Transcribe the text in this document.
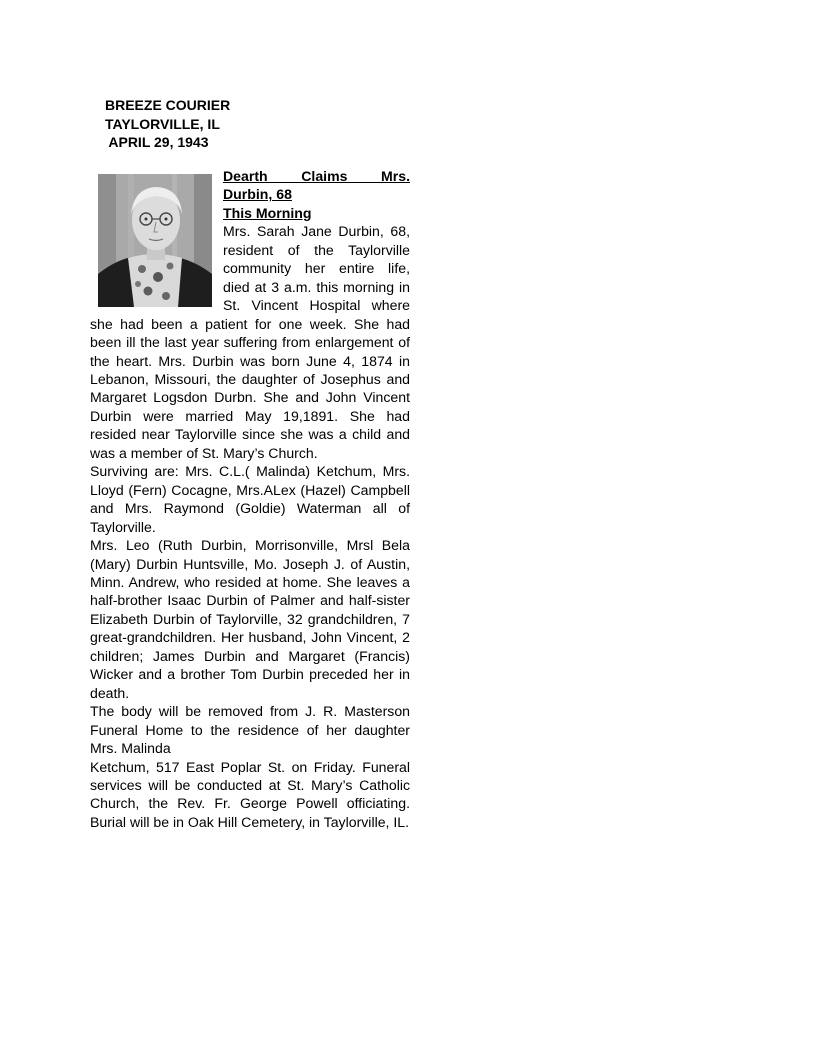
BREEZE COURIER
TAYLORVILLE, IL
APRIL 29, 1943
Dearth Claims Mrs.
Durbin, 68
This Morning

Mrs. Sarah Jane Durbin, 68, resident of the Taylorville community her entire life, died at 3 a.m. this morning in St. Vincent Hospital where she had been a patient for one week. She had been ill the last year suffering from enlargement of the heart. Mrs. Durbin was born June 4, 1874 in Lebanon, Missouri, the daughter of Josephus and Margaret Logsdon Durbn. She and John Vincent Durbin were married May 19,1891. She had resided near Taylorville since she was a child and was a member of St. Mary’s Church.

Surviving are: Mrs. C.L.( Malinda) Ketchum, Mrs. Lloyd (Fern) Cocagne, Mrs.ALex (Hazel) Campbell and Mrs. Raymond (Goldie) Waterman all of Taylorville.

Mrs. Leo (Ruth Durbin, Morrisonville, Mrsl Bela (Mary) Durbin Huntsville, Mo. Joseph J. of Austin, Minn. Andrew, who resided at home. She leaves a half-brother Isaac Durbin of Palmer and half-sister Elizabeth Durbin of Taylorville, 32 grandchildren, 7 great-grandchildren. Her husband, John Vincent, 2 children; James Durbin and Margaret (Francis) Wicker and a brother Tom Durbin preceded her in death.

The body will be removed from J. R. Masterson Funeral Home to the residence of her daughter Mrs. Malinda

Ketchum, 517 East Poplar St. on Friday. Funeral services will be conducted at St. Mary’s Catholic Church, the Rev. Fr. George Powell officiating. Burial will be in Oak Hill Cemetery, in Taylorville, IL.
